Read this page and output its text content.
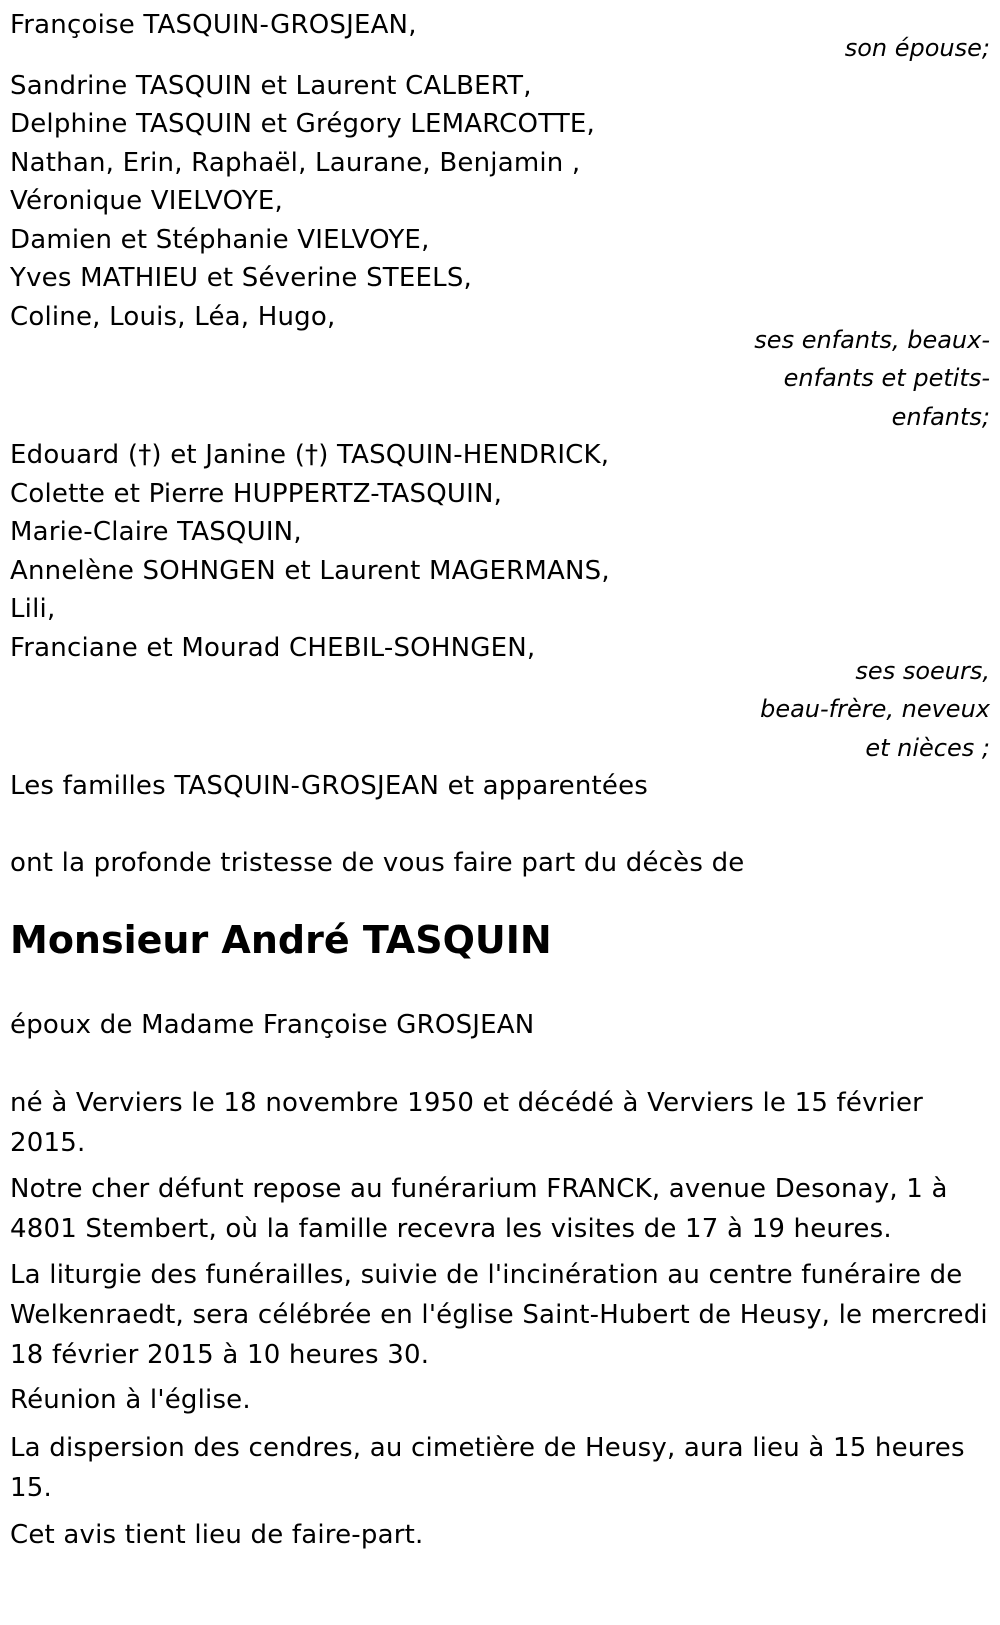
Françoise TASQUIN-GROSJEAN,
son épouse;
Sandrine TASQUIN et Laurent CALBERT,
Delphine TASQUIN et Grégory LEMARCOTTE,
Nathan, Erin, Raphaël, Laurane, Benjamin ,
Véronique VIELVOYE,
Damien et Stéphanie VIELVOYE,
Yves MATHIEU et Séverine STEELS,
Coline, Louis, Léa, Hugo,
ses enfants, beaux-
enfants et petits-
enfants;
Edouard (†) et Janine (†) TASQUIN-HENDRICK,
Colette et Pierre HUPPERTZ-TASQUIN,
Marie-Claire TASQUIN,
Annelène SOHNGEN et Laurent MAGERMANS,
Lili,
Franciane et Mourad CHEBIL-SOHNGEN,
ses soeurs,
beau-frère, neveux
et nièces ;
Les familles TASQUIN-GROSJEAN et apparentées
ont la profonde tristesse de vous faire part du décès de
Monsieur André TASQUIN
époux de Madame Françoise GROSJEAN
né à Verviers le 18 novembre 1950 et décédé à Verviers le 15 février 2015.
Notre cher défunt repose au funérarium FRANCK, avenue Desonay, 1 à 4801 Stembert, où la famille recevra les visites de 17 à 19 heures.
La liturgie des funérailles, suivie de l'incinération au centre funéraire de Welkenraedt, sera célébrée en l'église Saint-Hubert de Heusy, le mercredi 18 février 2015 à 10 heures 30.
Réunion à l'église.
La dispersion des cendres, au cimetière de Heusy, aura lieu à 15 heures 15.
Cet avis tient lieu de faire-part.
